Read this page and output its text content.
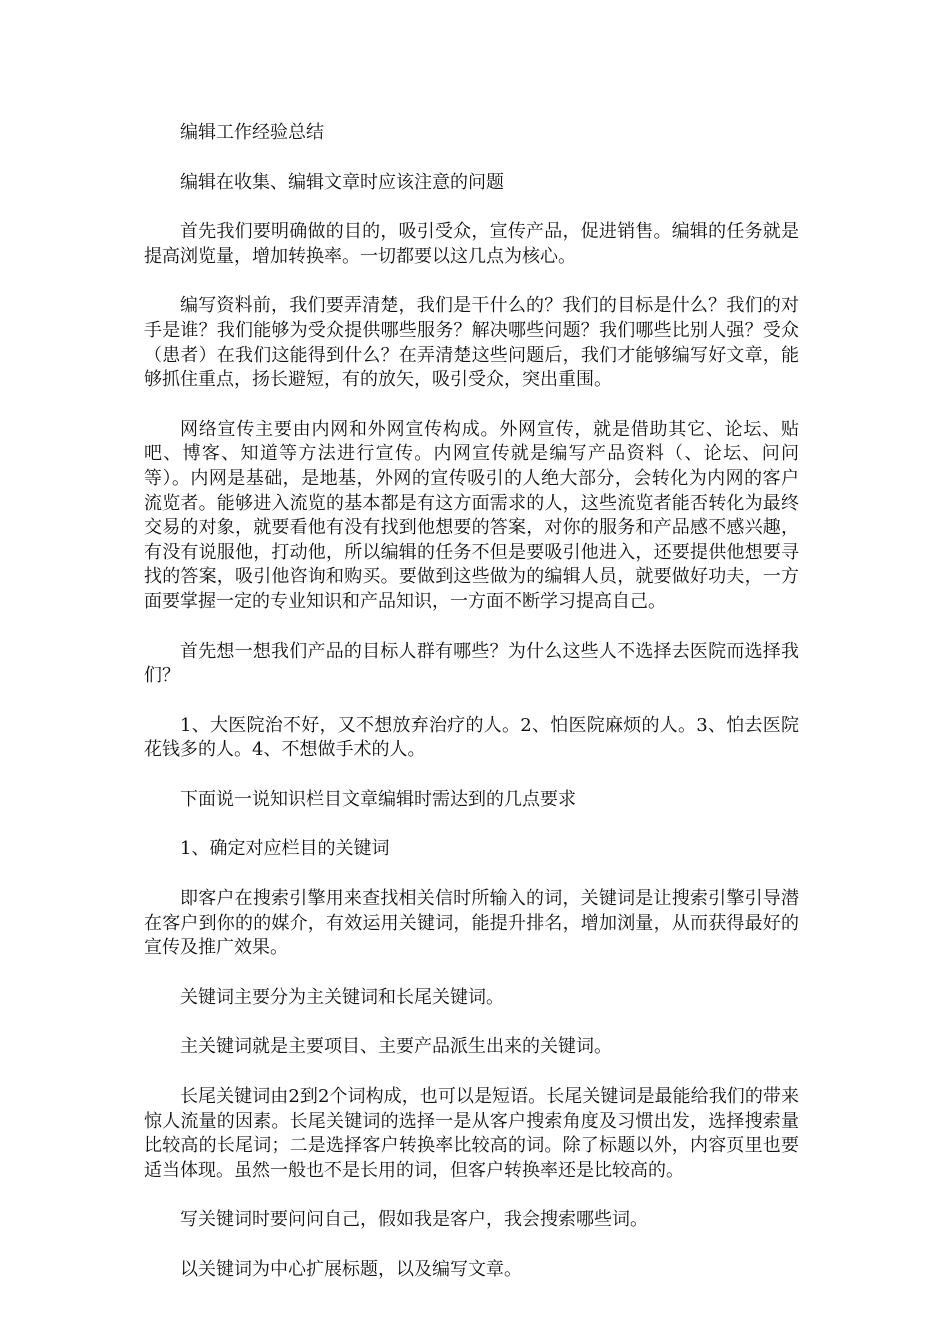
编辑工作经验总结

编辑在收集、编辑文章时应该注意的问题

首先我们要明确做的目的，吸引受众，宣传产品，促进销售。编辑的任务就是提高浏览量，增加转换率。一切都要以这几点为核心。

编写资料前，我们要弄清楚，我们是干什么的？我们的目标是什么？我们的对手是谁？我们能够为受众提供哪些服务？解决哪些问题？我们哪些比别人强？受众（患者）在我们这能得到什么？在弄清楚这些问题后，我们才能够编写好文章，能够抓住重点，扬长避短，有的放矢，吸引受众，突出重围。

网络宣传主要由内网和外网宣传构成。外网宣传，就是借助其它、论坛、贴吧、博客、知道等方法进行宣传。内网宣传就是编写产品资料（、论坛、问问等）。内网是基础，是地基，外网的宣传吸引的人绝大部分，会转化为内网的客户流览者。能够进入流览的基本都是有这方面需求的人，这些流览者能否转化为最终交易的对象，就要看他有没有找到他想要的答案，对你的服务和产品感不感兴趣，有没有说服他，打动他，所以编辑的任务不但是要吸引他进入，还要提供他想要寻找的答案，吸引他咨询和购买。要做到这些做为的编辑人员，就要做好功夫，一方面要掌握一定的专业知识和产品知识，一方面不断学习提高自己。

首先想一想我们产品的目标人群有哪些？为什么这些人不选择去医院而选择我们？

1、大医院治不好，又不想放弃治疗的人。2、怕医院麻烦的人。3、怕去医院花钱多的人。4、不想做手术的人。

下面说一说知识栏目文章编辑时需达到的几点要求

1、确定对应栏目的关键词

即客户在搜索引擎用来查找相关信时所输入的词，关键词是让搜索引擎引导潜在客户到你的的媒介，有效运用关键词，能提升排名，增加浏量，从而获得最好的宣传及推广效果。

关键词主要分为主关键词和长尾关键词。

主关键词就是主要项目、主要产品派生出来的关键词。

长尾关键词由2到2个词构成，也可以是短语。长尾关键词是最能给我们的带来惊人流量的因素。长尾关键词的选择一是从客户搜索角度及习惯出发，选择搜索量比较高的长尾词；二是选择客户转换率比较高的词。除了标题以外，内容页里也要适当体现。虽然一般也不是长用的词，但客户转换率还是比较高的。

写关键词时要问问自己，假如我是客户，我会搜索哪些词。

以关键词为中心扩展标题，以及编写文章。
